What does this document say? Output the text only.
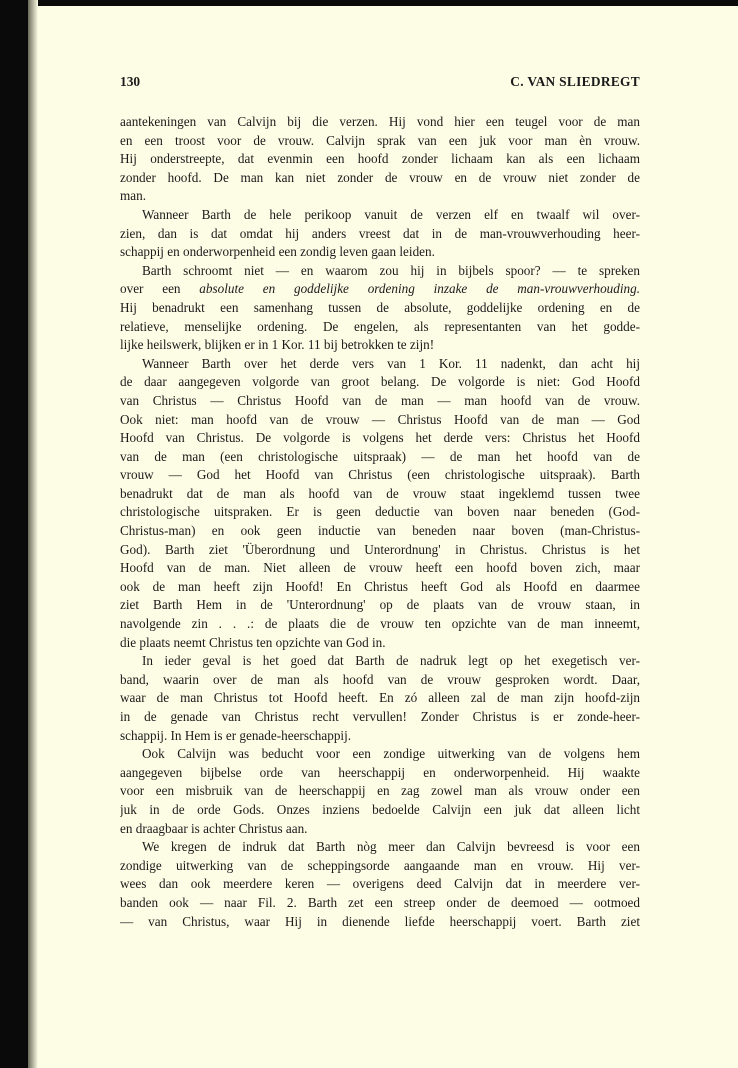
130	C. VAN SLIEDREGT
aantekeningen van Calvijn bij die verzen. Hij vond hier een teugel voor de man
en een troost voor de vrouw. Calvijn sprak van een juk voor man èn vrouw.
Hij onderstreepte, dat evenmin een hoofd zonder lichaam kan als een lichaam
zonder hoofd. De man kan niet zonder de vrouw en de vrouw niet zonder de
man.
Wanneer Barth de hele perikoop vanuit de verzen elf en twaalf wil over-
zien, dan is dat omdat hij anders vreest dat in de man-vrouwverhouding heer-
schappij en onderworpenheid een zondig leven gaan leiden.
Barth schroomt niet — en waarom zou hij in bijbels spoor? — te spreken
over een absolute en goddelijke ordening inzake de man-vrouwverhouding.
Hij benadrukt een samenhang tussen de absolute, goddelijke ordening en de
relatieve, menselijke ordening. De engelen, als representanten van het godde-
lijke heilswerk, blijken er in 1 Kor. 11 bij betrokken te zijn!
Wanneer Barth over het derde vers van 1 Kor. 11 nadenkt, dan acht hij
de daar aangegeven volgorde van groot belang. De volgorde is niet: God Hoofd
van Christus — Christus Hoofd van de man — man hoofd van de vrouw.
Ook niet: man hoofd van de vrouw — Christus Hoofd van de man — God
Hoofd van Christus. De volgorde is volgens het derde vers: Christus het Hoofd
van de man (een christologische uitspraak) — de man het hoofd van de
vrouw — God het Hoofd van Christus (een christologische uitspraak). Barth
benadrukt dat de man als hoofd van de vrouw staat ingeklemd tussen twee
christologische uitspraken. Er is geen deductie van boven naar beneden (God-
Christus-man) en ook geen inductie van beneden naar boven (man-Christus-
God). Barth ziet 'Überordnung und Unterordnung' in Christus. Christus is het
Hoofd van de man. Niet alleen de vrouw heeft een hoofd boven zich, maar
ook de man heeft zijn Hoofd! En Christus heeft God als Hoofd en daarmee
ziet Barth Hem in de 'Unterordnung' op de plaats van de vrouw staan, in
navolgende zin . . .: de plaats die de vrouw ten opzichte van de man inneemt,
die plaats neemt Christus ten opzichte van God in.
In ieder geval is het goed dat Barth de nadruk legt op het exegetisch ver-
band, waarin over de man als hoofd van de vrouw gesproken wordt. Daar,
waar de man Christus tot Hoofd heeft. En zó alleen zal de man zijn hoofd-zijn
in de genade van Christus recht vervullen! Zonder Christus is er zonde-heer-
schappij. In Hem is er genade-heerschappij.
Ook Calvijn was beducht voor een zondige uitwerking van de volgens hem
aangegeven bijbelse orde van heerschappij en onderworpenheid. Hij waakte
voor een misbruik van de heerschappij en zag zowel man als vrouw onder een
juk in de orde Gods. Onzes inziens bedoelde Calvijn een juk dat alleen licht
en draagbaar is achter Christus aan.
We kregen de indruk dat Barth nòg meer dan Calvijn bevreesd is voor een
zondige uitwerking van de scheppingsorde aangaande man en vrouw. Hij ver-
wees dan ook meerdere keren — overigens deed Calvijn dat in meerdere ver-
banden ook — naar Fil. 2. Barth zet een streep onder de deemoed — ootmoed
— van Christus, waar Hij in dienende liefde heerschappij voert. Barth ziet
